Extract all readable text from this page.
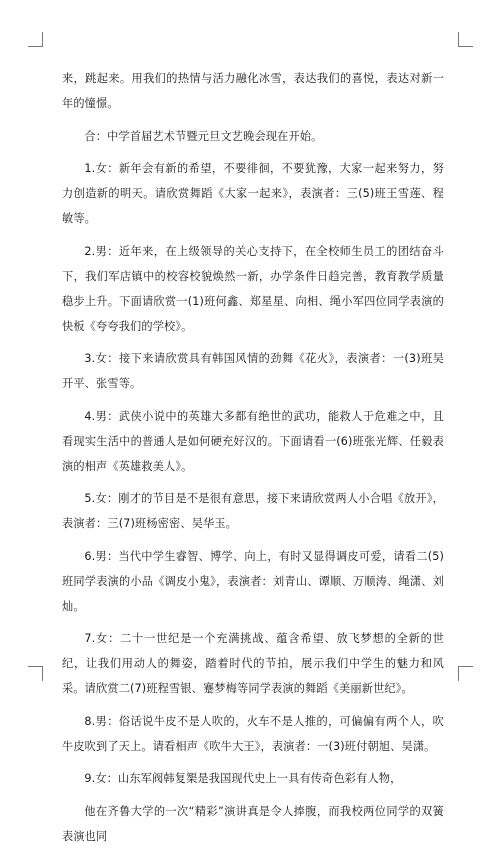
来，跳起来。用我们的热情与活力融化冰雪，表达我们的喜悦，表达对新一年的憧憬。

合：中学首届艺术节暨元旦文艺晚会现在开始。

1.女：新年会有新的希望，不要徘徊，不要犹豫，大家一起来努力，努力创造新的明天。请欣赏舞蹈《大家一起来》，表演者：三(5)班王雪莲、程敏等。

2.男：近年来，在上级领导的关心支持下，在全校师生员工的团结奋斗下，我们军店镇中的校容校貌焕然一新，办学条件日趋完善，教育教学质量稳步上升。下面请欣赏一(1)班何鑫、郑星星、向相、绳小军四位同学表演的快板《夸夸我们的学校》。

3.女：接下来请欣赏具有韩国风情的劲舞《花火》，表演者：一(3)班吴开平、张雪等。

4.男：武侠小说中的英雄大多都有绝世的武功，能救人于危难之中，且看现实生活中的普通人是如何硬充好汉的。下面请看一(6)班张光辉、任毅表演的相声《英雄救美人》。

5.女：刚才的节目是不是很有意思，接下来请欣赏两人小合唱《放开》，表演者：三(7)班杨密密、吴华玉。

6.男：当代中学生睿智、博学、向上，有时又显得调皮可爱，请看二(5)班同学表演的小品《调皮小鬼》，表演者：刘青山、谭顺、万顺涛、绳潇、刘灿。

7.女：二十一世纪是一个充满挑战、蕴含希望、放飞梦想的全新的世纪，让我们用动人的舞姿，踏着时代的节拍，展示我们中学生的魅力和风采。请欣赏二(7)班程雪银、蹇梦梅等同学表演的舞蹈《美丽新世纪》。

8.男：俗话说牛皮不是人吹的，火车不是人推的，可偏偏有两个人，吹牛皮吹到了天上。请看相声《吹牛大王》，表演者：一(3)班付朝旭、吴潇。

9.女：山东军阀韩复榘是我国现代史上一具有传奇色彩有人物，

他在齐鲁大学的一次“精彩”演讲真是令人捧腹，而我校两位同学的双簧表演也同
